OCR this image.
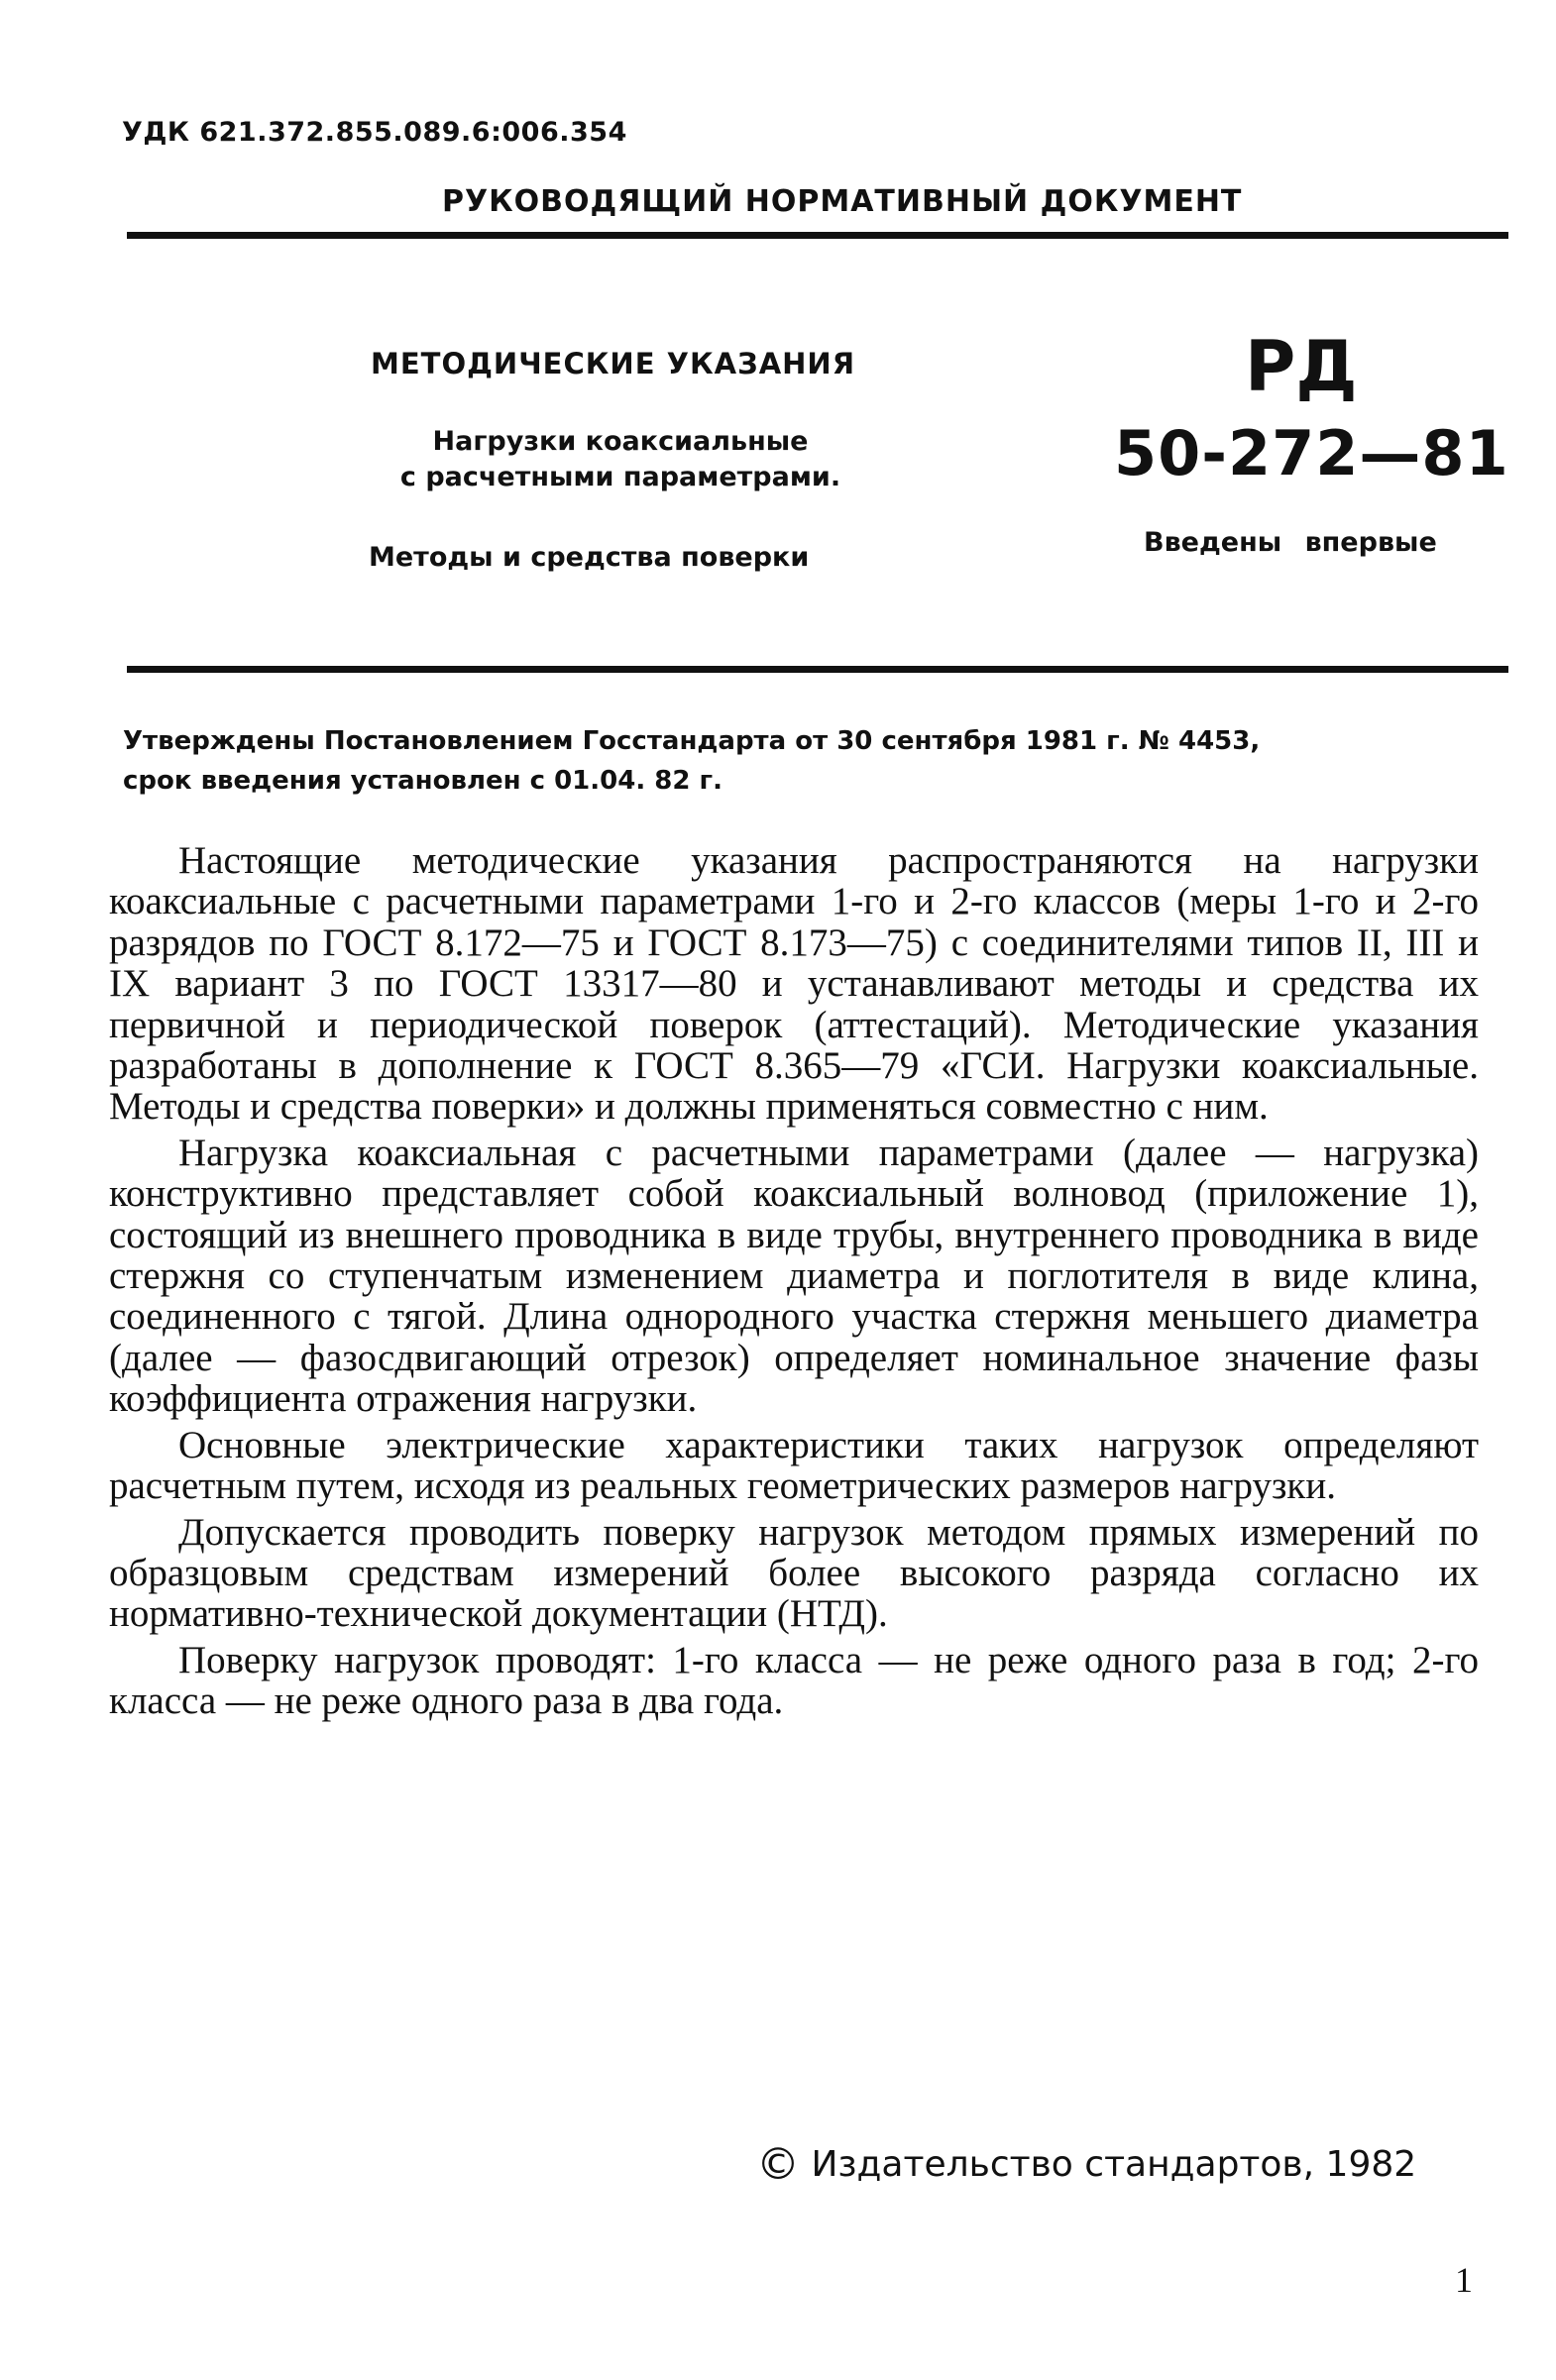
УДК 621.372.855.089.6:006.354
РУКОВОДЯЩИЙ НОРМАТИВНЫЙ ДОКУМЕНТ
МЕТОДИЧЕСКИЕ УКАЗАНИЯ
Нагрузки коаксиальные
с расчетными параметрами.
Методы и средства поверки
РД
50-272—81
Введены впервые
Утверждены Постановлением Госстандарта от 30 сентября 1981 г. № 4453,
срок введения установлен с 01.04. 82 г.

Настоящие методические указания распространяются на нагрузки коаксиальные с расчетными параметрами 1-го и 2-го классов (меры 1-го и 2-го разрядов по ГОСТ 8.172—75 и ГОСТ 8.173—75) с соединителями типов II, III и IX вариант 3 по ГОСТ 13317—80 и устанавливают методы и средства их первичной и периодической поверок (аттестаций). Методические указания разработаны в дополнение к ГОСТ 8.365—79 «ГСИ. Нагрузки коаксиальные. Методы и средства поверки» и должны применяться совместно с ним.

Нагрузка коаксиальная с расчетными параметрами (далее — нагрузка) конструктивно представляет собой коаксиальный волновод (приложение 1), состоящий из внешнего проводника в виде трубы, внутреннего проводника в виде стержня со ступенчатым изменением диаметра и поглотителя в виде клина, соединенного с тягой. Длина однородного участка стержня меньшего диаметра (далее — фазосдвигающий отрезок) определяет номинальное значение фазы коэффициента отражения нагрузки.

Основные электрические характеристики таких нагрузок определяют расчетным путем, исходя из реальных геометрических размеров нагрузки.

Допускается проводить поверку нагрузок методом прямых измерений по образцовым средствам измерений более высокого разряда согласно их нормативно-технической документации (НТД).

Поверку нагрузок проводят: 1-го класса — не реже одного раза в год; 2-го класса — не реже одного раза в два года.

© Издательство стандартов, 1982
1
